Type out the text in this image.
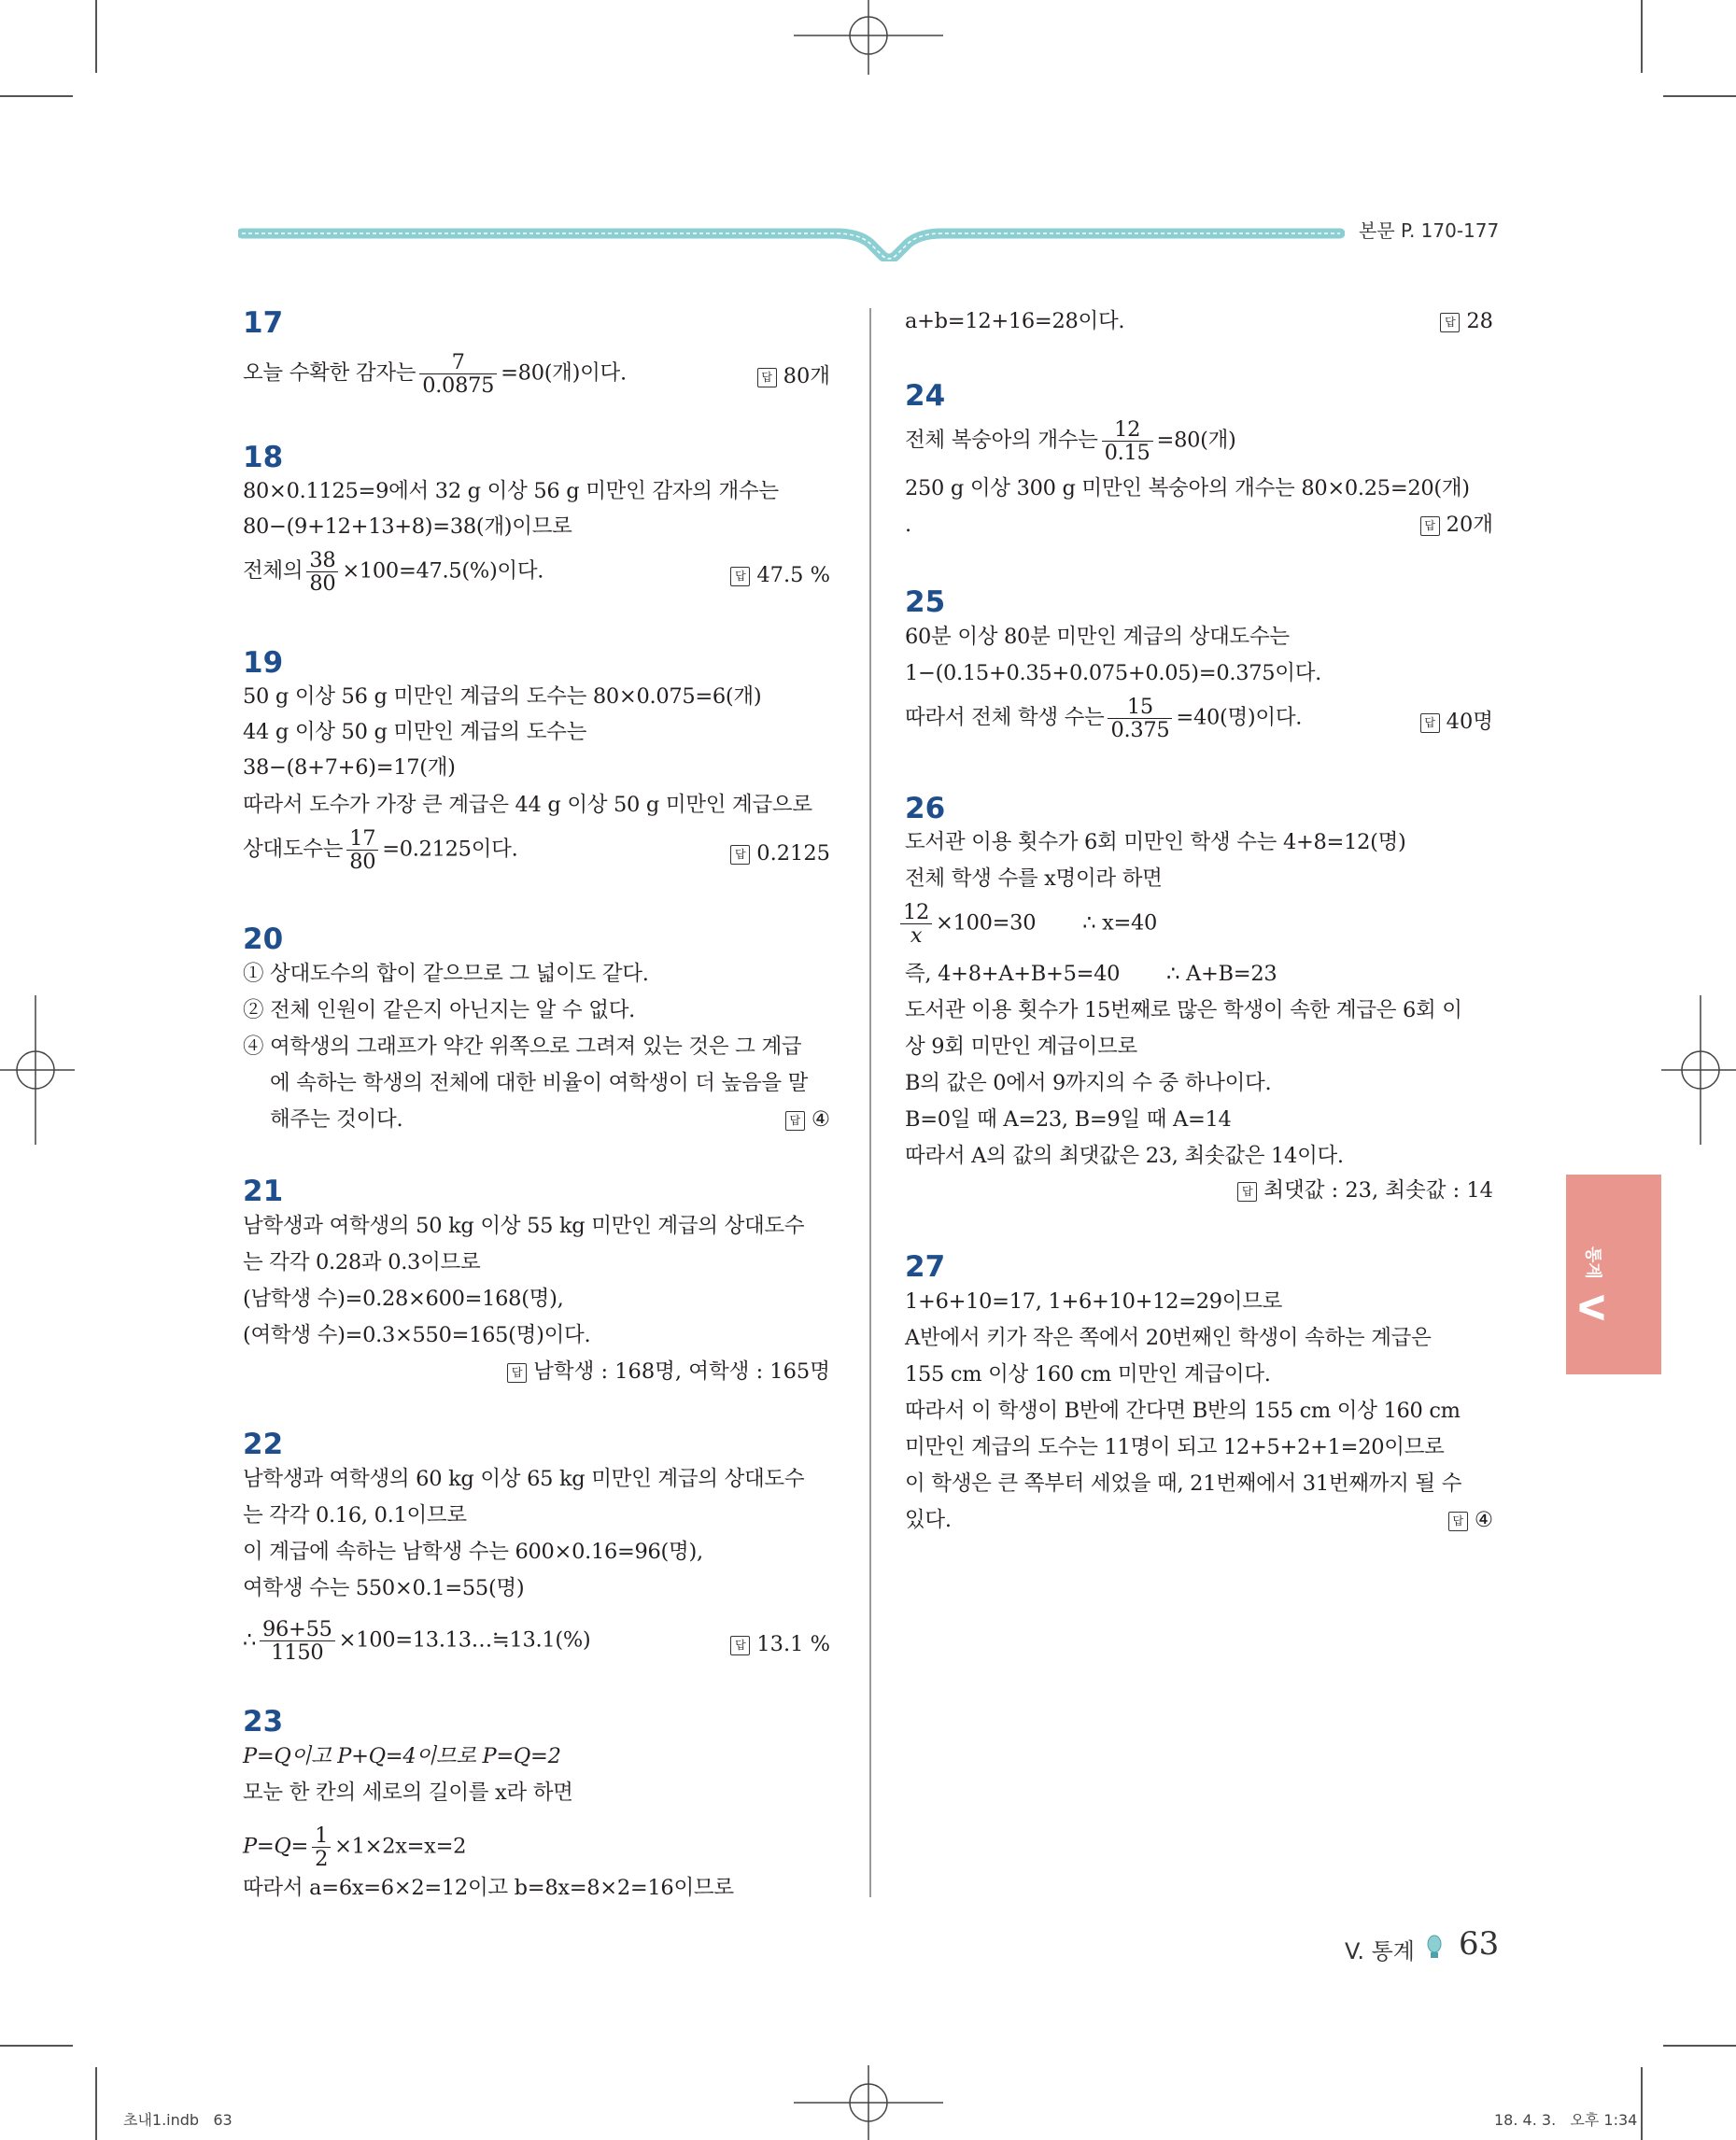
본문 P. 170-177
17
오늘 수확한 감자는 $\frac{7}{0.0875} =80$(개)이다.	답 80개
18
80×0.1125=9에서 32 g 이상 56 g 미만인 감자의 개수는
80−(9+12+13+8)=38(개)이므로
전체의 $\frac{38}{80} \times 100=47.5(\%)$이다.	답 47.5 %
19
50 g 이상 56 g 미만인 계급의 도수는 80×0.075=6(개)
44 g 이상 50 g 미만인 계급의 도수는
38−(8+7+6)=17(개)
따라서 도수가 가장 큰 계급은 44 g 이상 50 g 미만인 계급으로
상대도수는 $\frac{17}{80} =0.2125$이다.	답 0.2125
20
① 상대도수의 합이 같으므로 그 넓이도 같다.
② 전체 인원이 같은지 아닌지는 알 수 없다.
④ 여학생의 그래프가 약간 위쪽으로 그려져 있는 것은 그 계급
에 속하는 학생의 전체에 대한 비율이 여학생이 더 높음을 말
해주는 것이다.	답 ④
21
남학생과 여학생의 50 kg 이상 55 kg 미만인 계급의 상대도수
는 각각 0.28과 0.3이므로
(남학생 수)=0.28×600=168(명),
(여학생 수)=0.3×550=165(명)이다.
답 남학생 : 168명, 여학생 : 165명
22
남학생과 여학생의 60 kg 이상 65 kg 미만인 계급의 상대도수
는 각각 0.16, 0.1이므로
이 계급에 속하는 남학생 수는 600×0.16=96(명),
여학생 수는 550×0.1=55(명)
∴ $\frac{96+55}{1150}$ ×100=13.13…≒13.1(%)	답 13.1 %
23
P=Q이고 P+Q=4이므로 P=Q=2
모눈 한 칸의 세로의 길이를 x라 하면
$P=Q= \frac{1}{2} \times 1\times 2x=x=2$
따라서 a=6x=6×2=12이고 b=8x=8×2=16이므로
a+b=12+16=28이다.	답 28
24
전체 복숭아의 개수는 $\frac{12}{0.15} =80$(개)
250 g 이상 300 g 미만인 복숭아의 개수는 80×0.25=20(개)
.	답 20개
25
60분 이상 80분 미만인 계급의 상대도수는
1−(0.15+0.35+0.075+0.05)=0.375이다.
따라서 전체 학생 수는 $\frac{15}{0.375} =40$(명)이다.	답 40명
26
도서관 이용 횟수가 6회 미만인 학생 수는 4+8=12(명)
전체 학생 수를 x명이라 하면
$\frac{12}{x} \times 100=30$ ∴ x=40
즉, 4+8+A+B+5=40 ∴ A+B=23
도서관 이용 횟수가 15번째로 많은 학생이 속한 계급은 6회 이
상 9회 미만인 계급이므로
B의 값은 0에서 9까지의 수 중 하나이다.
B=0일 때 A=23, B=9일 때 A=14
따라서 A의 값의 최댓값은 23, 최솟값은 14이다.
답 최댓값 : 23, 최솟값 : 14
27
1+6+10=17, 1+6+10+12=29이므로
A반에서 키가 작은 쪽에서 20번째인 학생이 속하는 계급은
155 cm 이상 160 cm 미만인 계급이다.
따라서 이 학생이 B반에 간다면 B반의 155 cm 이상 160 cm
미만인 계급의 도수는 11명이 되고 12+5+2+1=20이므로
이 학생은 큰 쪽부터 세었을 때, 21번째에서 31번째까지 될 수
있다.	답 ④
통계
V
V. 통계 63
초내1.indb   63	18. 4. 3.   오후 1:34
